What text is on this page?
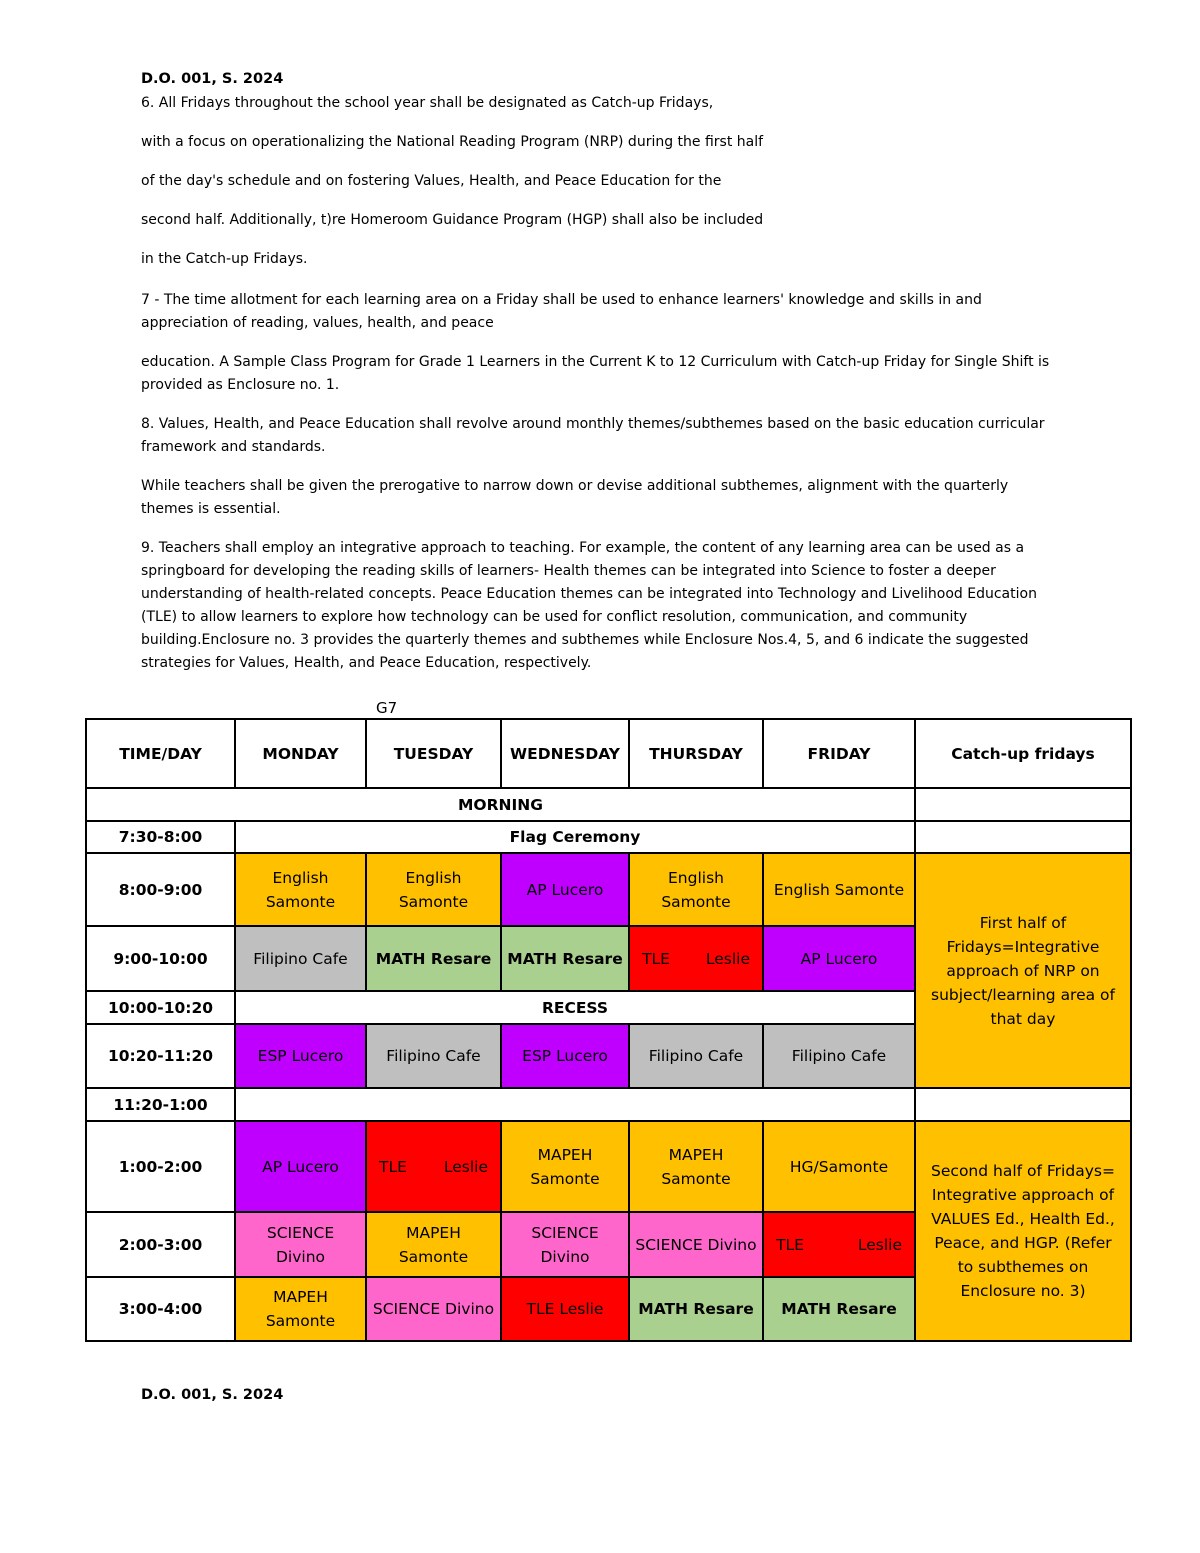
D.O. 001, S. 2024

6. All Fridays throughout the school year shall be designated as Catch-up Fridays,

with a focus on operationalizing the National Reading Program (NRP) during the first half

of the day's schedule and on fostering Values, Health, and Peace Education for the

second half. Additionally, t)re Homeroom Guidance Program (HGP) shall also be included

in the Catch-up Fridays.

7 - The time allotment for each learning area on a Friday shall be used to enhance learners' knowledge and skills in and appreciation of reading, values, health, and peace

education. A Sample Class Program for Grade 1 Learners in the Current K to 12 Curriculum with Catch-up Friday for Single Shift is provided as Enclosure no. 1.

8. Values, Health, and Peace Education shall revolve around monthly themes/subthemes based on the basic education curricular framework and standards.

While teachers shall be given the prerogative to narrow down or devise additional subthemes, alignment with the quarterly themes is essential.

9. Teachers shall employ an integrative approach to teaching. For example, the content of any learning area can be used as a springboard for developing the reading skills of learners- Health themes can be integrated into Science to foster a deeper understanding of health-related concepts. Peace Education themes can be integrated into Technology and Livelihood Education (TLE) to allow learners to explore how technology can be used for conflict resolution, communication, and community building.Enclosure no. 3 provides the quarterly themes and subthemes while Enclosure Nos.4, 5, and 6 indicate the suggested strategies for Values, Health, and Peace Education, respectively.

G7
TIME/DAY	MONDAY	TUESDAY	WEDNESDAY	THURSDAY	FRIDAY	Catch-up fridays
MORNING						
7:30-8:00	Flag Ceremony					
8:00-9:00	English Samonte	English Samonte	AP Lucero	English Samonte	English Samonte	First half of Fridays=Integrative approach of NRP on subject/learning area of that day
9:00-10:00	Filipino Cafe	MATH Resare	MATH Resare	TLE Leslie	AP Lucero	
10:00-10:20	RECESS					
10:20-11:20	ESP Lucero	Filipino Cafe	ESP Lucero	Filipino Cafe	Filipino Cafe	
11:20-1:00						
1:00-2:00	AP Lucero	TLE Leslie	MAPEH Samonte	MAPEH Samonte	HG/Samonte	Second half of Fridays= Integrative approach of VALUES Ed., Health Ed., Peace, and HGP. (Refer to subthemes on Enclosure no. 3)
2:00-3:00	SCIENCE Divino	MAPEH Samonte	SCIENCE Divino	SCIENCE Divino	TLE Leslie	

3:00-4:00	MAPEH Samonte	SCIENCE Divino	TLE Leslie	MATH Resare	MATH Resare	
D.O. 001, S. 2024
